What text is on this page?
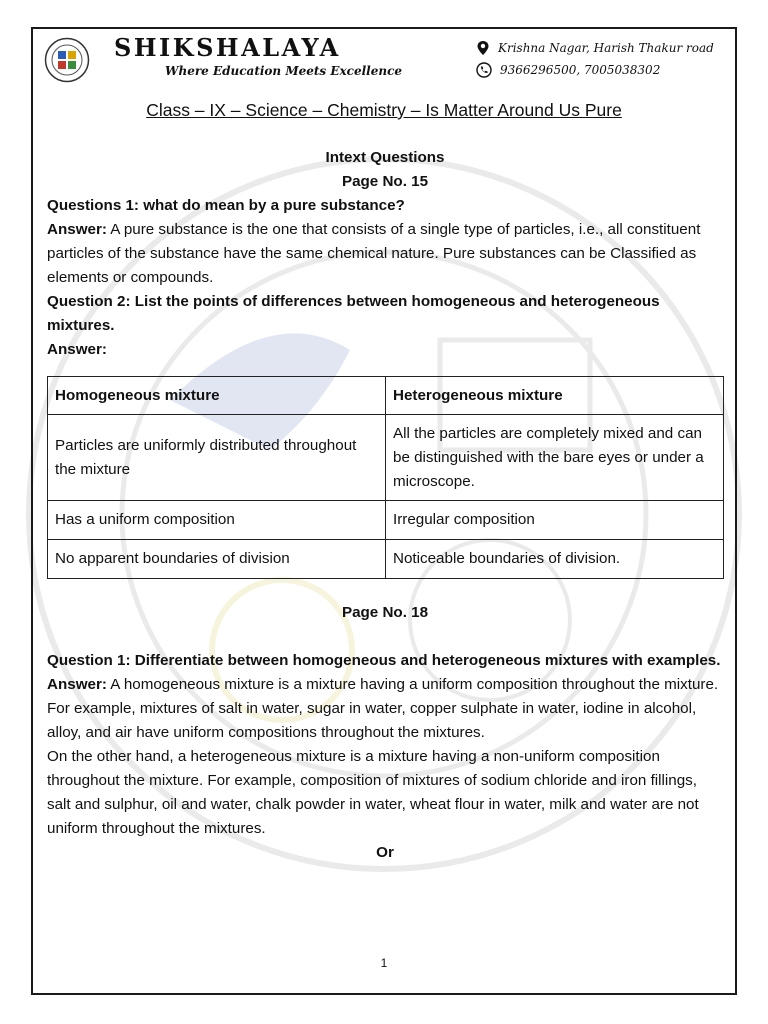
SHIKSHALAYA
Where Education Meets Excellence
Krishna Nagar, Harish Thakur road
9366296500, 7005038302
Class – IX – Science – Chemistry – Is Matter Around Us Pure
Intext Questions
Page No. 15
Questions 1: what do mean by a pure substance?

Answer: A pure substance is the one that consists of a single type of particles, i.e., all constituent particles of the substance have the same chemical nature. Pure substances can be Classified as elements or compounds.

Question 2: List the points of differences between homogeneous and heterogeneous mixtures.
Answer:
Homogeneous mixture	Heterogeneous mixture
Particles are uniformly distributed throughout the mixture	All the particles are completely mixed and can be distinguished with the bare eyes or under a microscope.
Has a uniform composition	Irregular composition
No apparent boundaries of division	Noticeable boundaries of division.
Page No. 18
Question 1: Differentiate between homogeneous and heterogeneous mixtures with examples.

Answer: A homogeneous mixture is a mixture having a uniform composition throughout the mixture. For example, mixtures of salt in water, sugar in water, copper sulphate in water, iodine in alcohol, alloy, and air have uniform compositions throughout the mixtures.

On the other hand, a heterogeneous mixture is a mixture having a non-uniform composition throughout the mixture. For example, composition of mixtures of sodium chloride and iron fillings, salt and sulphur, oil and water, chalk powder in water, wheat flour in water, milk and water are not uniform throughout the mixtures.

Or
1
